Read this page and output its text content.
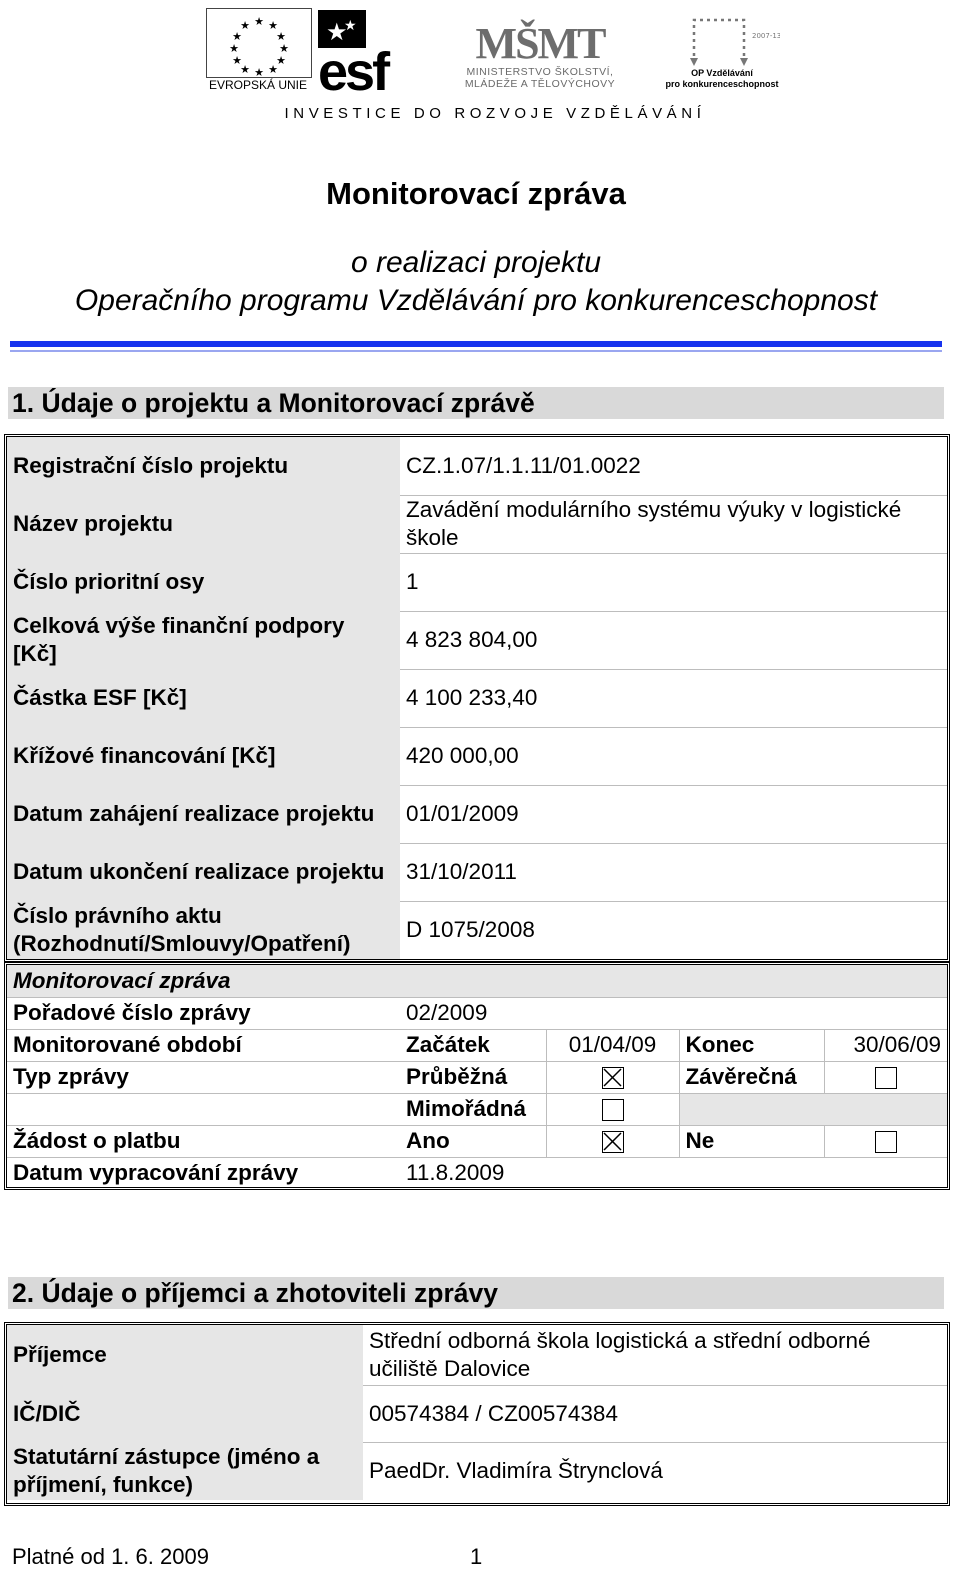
★ ★
★
★
★
★
★
★
★
★
★
★
EVROPSKÁ UNIE
★
★
★
esf MŠMT
MINISTERSTVO ŠKOLSTVÍ,
MLÁDEŽE A TĚLOVÝCHOVY
2007-13
OP Vzdělávání
pro konkurenceschopnost
INVESTICE DO ROZVOJE VZDĚLÁVÁNÍ
Monitorovací zpráva
o realizaci projektu
Operačního programu Vzdělávání pro konkurenceschopnost
1. Údaje o projektu a Monitorovací zprávě
Registrační číslo projektu	CZ.1.07/1.1.11/01.0022
Název projektu	Zavádění modulárního systému výuky v logistické škole
Číslo prioritní osy	1
Celková výše finanční podpory [Kč]	4 823 804,00
Částka ESF [Kč]	4 100 233,40
Křížové financování [Kč]	420 000,00
Datum zahájení realizace projektu	01/01/2009
Datum ukončení realizace projektu	31/10/2011
Číslo právního aktu (Rozhodnutí/Smlouvy/Opatření)	D 1075/2008
Monitorovací zpráva				
Pořadové číslo zprávy	02/2009			
Monitorované období	Začátek	01/04/09	Konec	30/06/09
Typ zprávy	Průběžná		Závěrečná	
	Mimořádná			
Žádost o platbu	Ano		Ne	
Datum vypracování zprávy	11.8.2009			
2. Údaje o příjemci a zhotoviteli zprávy
Příjemce	Střední odborná škola logistická a střední odborné učiliště Dalovice
IČ/DIČ	00574384 / CZ00574384
Statutární zástupce (jméno a příjmení, funkce)	PaedDr. Vladimíra Štrynclová
Platné od 1. 6. 2009	1
